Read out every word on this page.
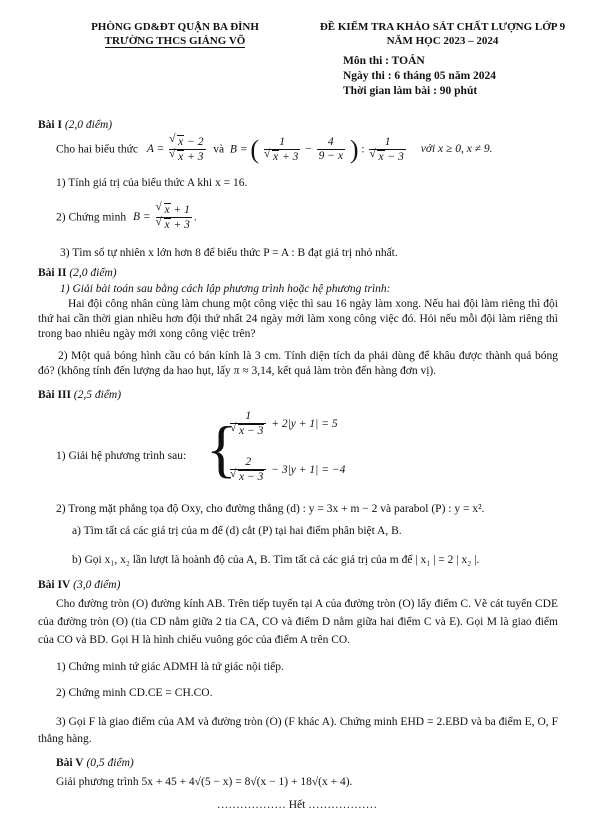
PHÒNG GD&ĐT QUẬN BA ĐÌNH
TRƯỜNG THCS GIẢNG VÕ
ĐỀ KIỂM TRA KHẢO SÁT CHẤT LƯỢNG LỚP 9
NĂM HỌC 2023 – 2024
Môn thi : TOÁN
Ngày thi : 6 tháng 05 năm 2024
Thời gian làm bài : 90 phút
Bài I (2,0 điểm)
Cho hai biểu thức A = √ x − 2
√ x + 3 và  B = ( 1
√ $x + 3 - \frac{4}{9 - x}$ ) : 1
√ x − 3 với x ≥ 0, x ≠ 9.
1) Tính giá trị của biểu thức A khi x = 16.
2) Chứng minh B = √ x + 1
√ x + 3 .
3) Tìm số tự nhiên x lớn hơn 8 để biểu thức P = A : B đạt giá trị nhỏ nhất.
Bài II (2,0 điểm)
1) Giải bài toán sau bằng cách lập phương trình hoặc hệ phương trình:
Hai đội công nhân cùng làm chung một công việc thì sau 16 ngày làm xong. Nếu hai đội làm riêng thì đội thứ hai cần thời gian nhiều hơn đội thứ nhất 24 ngày mới làm xong công việc đó. Hỏi nếu mỗi đội làm riêng thì trong bao nhiêu ngày mới xong công việc trên?
2) Một quả bóng hình cầu có bán kính là 3 cm. Tính diện tích da phải dùng để khâu được thành quả bóng đó? (không tính đến lượng da hao hụt, lấy π ≈ 3,14, kết quả làm tròn đến hàng đơn vị).
Bài III (2,5 điểm)
1) Giải hệ phương trình sau: {
1
√ x − 3 + 2|y + 1| = 5
2
√ x − 3 − 3|y + 1| = −4
2) Trong mặt phẳng tọa độ Oxy, cho đường thẳng (d) : y = 3x + m − 2 và parabol (P) : y = x².
a) Tìm tất cả các giá trị của m để (d) cắt (P) tại hai điểm phân biệt A, B.
b) Gọi x₁, x₂ lần lượt là hoành độ của A, B. Tìm tất cả các giá trị của m để | x₁ | = 2 | x₂ |.
Bài IV (3,0 điểm)
Cho đường tròn (O) đường kính AB. Trên tiếp tuyến tại A của đường tròn (O) lấy điểm C. Vẽ cát tuyến CDE của đường tròn (O) (tia CD nằm giữa 2 tia CA, CO và điểm D nằm giữa hai điểm C và E). Gọi M là giao điểm của CO và BD. Gọi H là hình chiếu vuông góc của điểm A trên CO.
1) Chứng minh tứ giác ADMH là tứ giác nội tiếp.
2) Chứng minh CD.CE = CH.CO.
3) Gọi F là giao điểm của AM và đường tròn (O) (F khác A). Chứng minh EHD = 2.EBD và ba điểm E, O, F thẳng hàng.
Bài V (0,5 điểm)
Giải phương trình 5x + 45 + 4√(5 − x) = 8√(x − 1) + 18√(x + 4).
……………… Hết ………………
